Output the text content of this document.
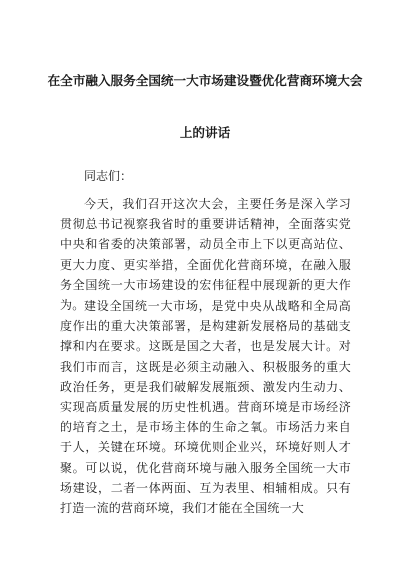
在全市融入服务全国统一大市场建设暨优化营商环境大会
上的讲话
同志们：

今天，我们召开这次大会，主要任务是深入学习贯彻总书记视察我省时的重要讲话精神，全面落实党中央和省委的决策部署，动员全市上下以更高站位、更大力度、更实举措，全面优化营商环境，在融入服务全国统一大市场建设的宏伟征程中展现新的更大作为。 建设全国统一大市场，是党中央从战略和全局高度作出的重大决策部署，是构建新发展格局的基础支撑和内在要求。这既是国之大者，也是发展大计。对我们市而言，这既是必须主动融入、积极服务的重大政治任务，更是我们破解发展瓶颈、激发内生动力、实现高质量发展的历史性机遇。营商环境是市场经济的培育之土，是市场主体的生命之氧。市场活力来自于人，关键在环境。环境优则企业兴，环境好则人才聚。可以说，优化营商环境与融入服务全国统一大市场建设，二者一体两面、互为表里、相辅相成。只有打造一流的营商环境，我们才能在全国统一大
